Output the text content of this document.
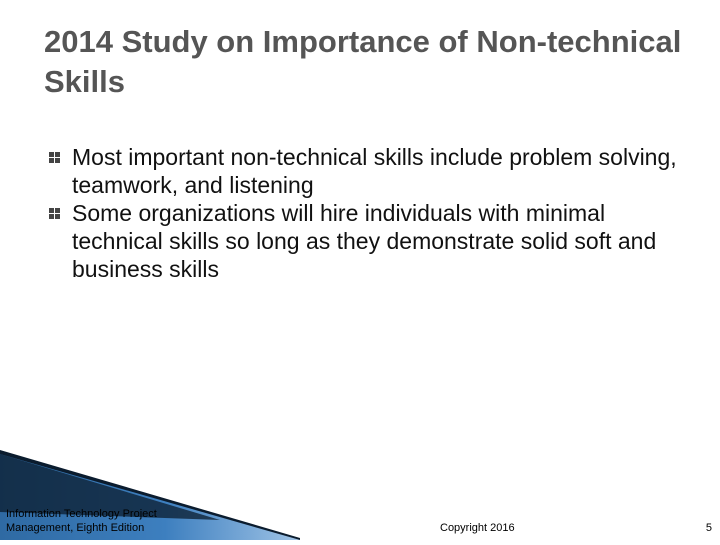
2014 Study on Importance of Non-technical Skills
Most important non-technical skills include problem solving, teamwork, and listening
Some organizations will hire individuals with minimal technical skills so long as they demonstrate solid soft and business skills
Information Technology Project
Management, Eighth Edition	Copyright 2016	5
